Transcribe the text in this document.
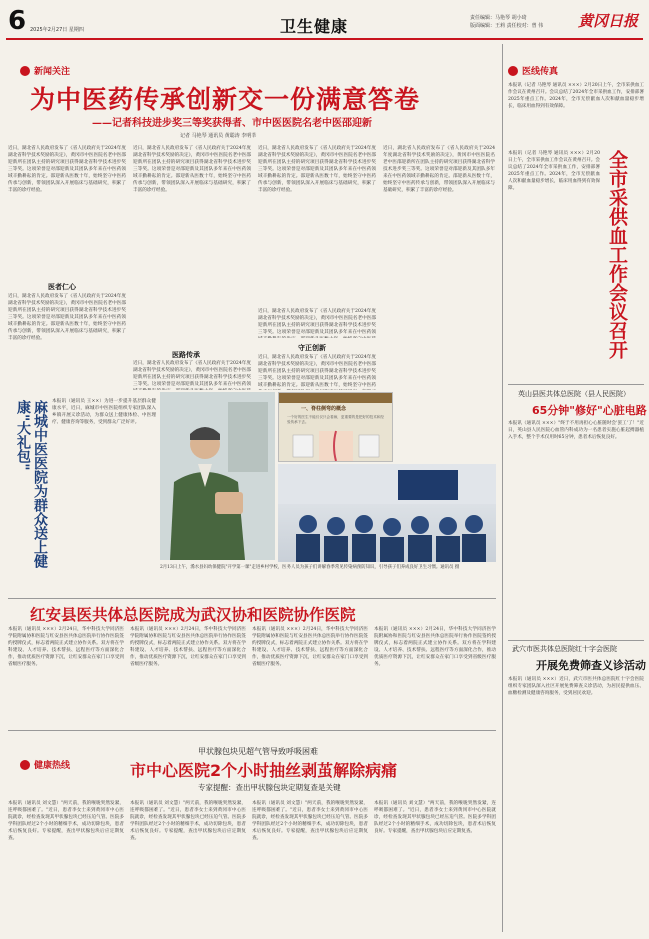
6 2025年2月27日 星期四	卫生健康	责任编辑：马艳琴 胡小琦
版面编辑：王莉 责任校对：曾 伟 黄冈日报
新闻关注
为中医药传承创新交一份满意答卷
——记者科技进步奖三等奖获得者、市中医医院名老中医邵迎新
记者 马艳琴 通讯员 黄聪涛 李明莘
近日，湖北省人民政府发布了《省人民政府关于2024年度湖北省科学技术奖励的决定》，黄冈市中医医院名老中医邵迎新所在团队主持的研究项目获得湖北省科学技术进步奖三等奖。这项荣誉是对邵迎新及其团队多年来在中医药领域辛勤耕耘的肯定。邵迎新从医数十年，始终坚守中医药传承与创新，带领团队深入开展临床与基础研究，积累了丰富的诊疗经验。
医者仁心
近日，湖北省人民政府发布了《省人民政府关于2024年度湖北省科学技术奖励的决定》，黄冈市中医医院名老中医邵迎新所在团队主持的研究项目获得湖北省科学技术进步奖三等奖。这项荣誉是对邵迎新及其团队多年来在中医药领域辛勤耕耘的肯定。邵迎新从医数十年，始终坚守中医药传承与创新，带领团队深入开展临床与基础研究，积累了丰富的诊疗经验。
近日，湖北省人民政府发布了《省人民政府关于2024年度湖北省科学技术奖励的决定》，黄冈市中医医院名老中医邵迎新所在团队主持的研究项目获得湖北省科学技术进步奖三等奖。这项荣誉是对邵迎新及其团队多年来在中医药领域辛勤耕耘的肯定。邵迎新从医数十年，始终坚守中医药传承与创新，带领团队深入开展临床与基础研究，积累了丰富的诊疗经验。
医路传承
近日，湖北省人民政府发布了《省人民政府关于2024年度湖北省科学技术奖励的决定》，黄冈市中医医院名老中医邵迎新所在团队主持的研究项目获得湖北省科学技术进步奖三等奖。这项荣誉是对邵迎新及其团队多年来在中医药领
近日，湖北省人民政府发布了《省人民政府关于2024年度湖北省科学技术奖励的决定》，黄冈市中医医院名老中医邵迎新所在团队主持的研究项目获得湖北省科学技术进步奖三等奖。这项荣誉是对邵迎新及其团队多年来在中医药领域辛勤耕耘的肯定。邵迎新从医数十年，始终坚守中医药传承与创新，带领团队深入开展临床与基础研究，积累了丰富的诊疗经验。
守正创新
近日，湖北省人民政府发布了《省人民政府关于2024年度湖北省科学技术奖励的决定》，黄冈市中医医院名老中医邵迎新所在团队主持的研究项目获得湖北省科学技术进步奖三等奖。这项荣誉是对邵迎新及其团队多年来在中医药领
近日，湖北省人民政府发布了《省人民政府关于2024年度湖北省科学技术奖励的决定》，黄冈市中医医院名老中医邵迎新所在团队主持的研究项目获得湖北省科学技术进步奖三等奖。这项荣誉是对邵迎新及其团队多年来在中医药领域辛勤耕耘的肯定。邵迎新从医数十年，始终坚守中医药
近日，湖北省人民政府发布了《省人民政府关于2024年度湖北省科学技术奖励的决定》，黄冈市中医医院名老中医邵迎新所在团队主持的研究项目获得湖北省科学技术进步奖三等奖。这项荣誉是对邵迎新及其团队多年来在中医药领域辛勤耕耘的肯定。邵迎新从医数十年，始终坚守中医药传承与创新，带领团队深入开展临床与基础研究，积累了丰富的诊疗经验。
一、脊柱侧弯的概念
一个好的医生不能仅仅只会看病，更重要的是把好的技术和经验传承下去。
2月13日上午，浠水县妇幼保健院"开学第一课"走进乡村学校，医务人员为孩子们讲解春季常见传染病预防知识，引导孩子们养成良好卫生习惯。通讯员 摄
麻城中医医院为群众送上健康"大礼包"	本报讯（通讯员 王××）为进一步提升基层群众健康水平，近日，麻城市中医医院组织专家团队深入乡镇开展义诊活动，为群众送上健康体检、中医理疗、健康咨询等服务，受到群众广泛好评。
红安县医共体总医院成为武汉协和医院协作医院
本报讯（通讯员 ×××）2月24日，华中科技大学同济医学院附属协和医院与红安县医共体总医院举行协作医院签约授牌仪式，标志着两院正式建立协作关系。双方将在学科建设、人才培养、技术帮扶、远程医疗等方面深化合作，推动优质医疗资源下沉，让红安群众在家门口享受到省级医疗服务。
本报讯（通讯员 ×××）2月24日，华中科技大学同济医学院附属协和医院与红安县医共体总医院举行协作医院签约授牌仪式，标志着两院正式建立协作关系。双方将在学科建设、人才培养、技术帮扶、远程医疗等方面深化合作，推动优质医疗资源下沉，让红安群众在家门口享受到省级医疗服务。
本报讯（通讯员 ×××）2月24日，华中科技大学同济医学院附属协和医院与红安县医共体总医院举行协作医院签约授牌仪式，标志着两院正式建立协作关系。双方将在学科建设、人才培养、技术帮扶、远程医疗等方面深化合作，推动优质医疗资源下沉，让红安群众在家门口享受到省级医疗服务。
本报讯（通讯员 ×××）2月24日，华中科技大学同济医学院附属协和医院与红安县医共体总医院举行协作医院签约授牌仪式，标志着两院正式建立协作关系。双方将在学科建设、人才培养、技术帮扶、远程医疗等方面深化合作，推动优质医疗资源下沉，让红安群众在家门口享受到省级医疗服务。
健康热线
甲状腺包块见超气管导致呼吸困难
市中心医院2个小时抽丝剥茧解除病痛
专家提醒：查出甲状腺包块定期复查是关键
本报讯（通讯员 刘文慧）"两天前，我的喉咙突然发紧，连呼吸都困难了。"近日，患者李女士来到黄冈市中心医院就诊，经检查发现其甲状腺包块已经压迫气管。医院多学科团队经过2个小时的精细手术，成功切除包块，患者术后恢复良好。专家提醒，查出甲状腺包块后应定期复查。
本报讯（通讯员 刘文慧）"两天前，我的喉咙突然发紧，连呼吸都困难了。"近日，患者李女士来到黄冈市中心医院就诊，经检查发现其甲状腺包块已经压迫气管。医院多学科团队经过2个小时的精细手术，成功切除包块，患者术后恢复良好。专家提醒，查出甲状腺包块后应定期复查。
本报讯（通讯员 刘文慧）"两天前，我的喉咙突然发紧，连呼吸都困难了。"近日，患者李女士来到黄冈市中心医院就诊，经检查发现其甲状腺包块已经压迫气管。医院多学科团队经过2个小时的精细手术，成功切除包块，患者术后恢复良好。专家提醒，查出甲状腺包块后应定期复查。
本报讯（通讯员 刘文慧）"两天前，我的喉咙突然发紧，连呼吸都困难了。"近日，患者李女士来到黄冈市中心医院就诊，经检查发现其甲状腺包块已经压迫气管。医院多学科团队经过2个小时的精细手术，成功切除包块，患者术后恢复良好。专家提醒，查出甲状腺包块后应定期复查。
医线传真
本报讯（记者 马艳琴 通讯员 ×××）2月20日上午，全市采供血工作会议在黄州召开。会议总结了2024年全市采供血工作，安排部署2025年重点工作。2024年，全市无偿献血人次和献血量稳步增长，临床用血得到有效保障。
本报讯（记者 马艳琴 通讯员 ×××）2月20日上午，全市采供血工作会议在黄州召开。会议总结了2024年全市采供血工作，安排部署2025年重点工作。2024年，全市无偿献血人次和献血量稳步增长，临床用血得到有效保障。	全市采供血工作会议召开
英山县医共体总医院（县人民医院）
65分钟"修好"心脏电路
本报讯（通讯员 ×××）"终于不用再担心心脏随时会'罢工'了！"近日，英山县人民医院心血管内科成功为一名患者实施心脏起搏器植入手术，整个手术仅用时65分钟，患者术后恢复良好。
武穴市医共体总医院红十字会医院
开展免费筛查义诊活动
本报讯（通讯员 ×××）近日，武穴市医共体总医院红十字会医院组织专家团队深入社区开展免费筛查义诊活动，为居民提供血压、血糖检测及健康咨询服务，受到居民欢迎。
